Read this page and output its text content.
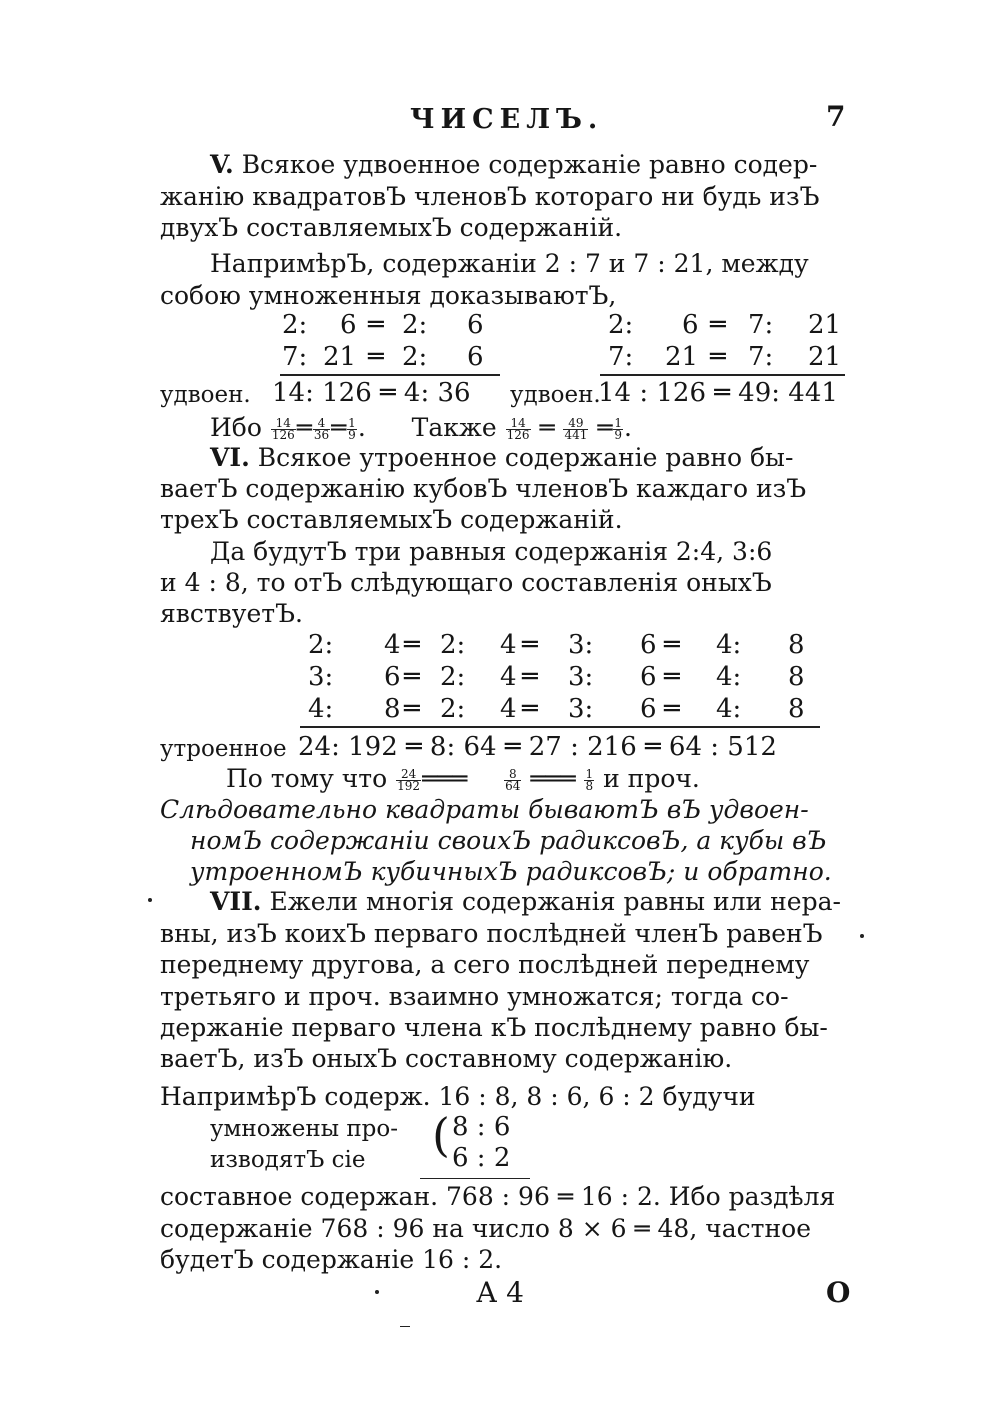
ЧИСЕЛЪ.	7
V. Всякое удвоенное содержаніе равно содер-
жанію квадратовЪ членовЪ котораго ни будь изЪ
двухЪ составляемыхЪ содержаній.
НапримѣрЪ, содержаніи 2 : 7 и 7 : 21, между
собою умноженныя доказываютЪ,
2: 6 ═ 2: 6
7: 21 ═ 2: 6
2: 6 ═ 7: 21
7: 21 ═ 7: 21
удвоен. 14: 126 ═ 4: 36 удвоен.
14 : 126 ═ 49: 441
Ибо $\frac{14}{126}$ ═ $\frac{4}{36}$ ═ $\frac{1}{9}$ .  Также $\frac{14}{126}$ ═ $\frac{49}{441}$ ═ $\frac{1}{9}$ .
VI. Всякое утроенное содержаніе равно бы-
ваетЪ содержанію кубовЪ членовЪ каждаго изЪ
трехЪ составляемыхЪ содержаній.
Да будутЪ три равныя содержанія 2:4, 3:6
и 4 : 8, то отЪ слѣдующаго составленія оныхЪ
явствуетЪ.
2: 4 ═ 2: 4 ═ 3: 6 ═ 4: 8
3: 6 ═ 2: 4 ═ 3: 6 ═ 4: 8
4: 8 ═ 2: 4 ═ 3: 6 ═ 4: 8
утроенное 24: 192 ═ 8: 64 ═ 27 : 216 ═ 64 : 512
По тому что $\frac{24}{192}$ ═══ $\frac{8}{64}$ ═══ $\frac{1}{8}$ и проч.
Слѣдовательно квадраты бываютЪ вЪ удвоен-
номЪ содержаніи своихЪ радиксовЪ, а кубы вЪ
утроенномЪ кубичныхЪ радиксовЪ; и обратно.
VII. Ежели многія содержанія равны или нера-
вны, изЪ коихЪ перваго послѣдней членЪ равенЪ
переднему другова, а сего послѣдней переднему
третьяго и проч. взаимно умножатся; тогда со-
держаніе перваго члена кЪ послѣднему равно бы-
ваетЪ, изЪ оныхЪ составному содержанію.
НапримѣрЪ содерж. 16 : 8, 8 : 6, 6 : 2 будучи
умножены про-
изводятЪ сіе ( 8 : 6
6 : 2
составное содержан. 768 : 96 ═ 16 : 2. Ибо раздѣля
содержаніе 768 : 96 на число 8 ⨯ 6 ═ 48, частное
будетЪ содержаніе 16 : 2.
А 4	О
